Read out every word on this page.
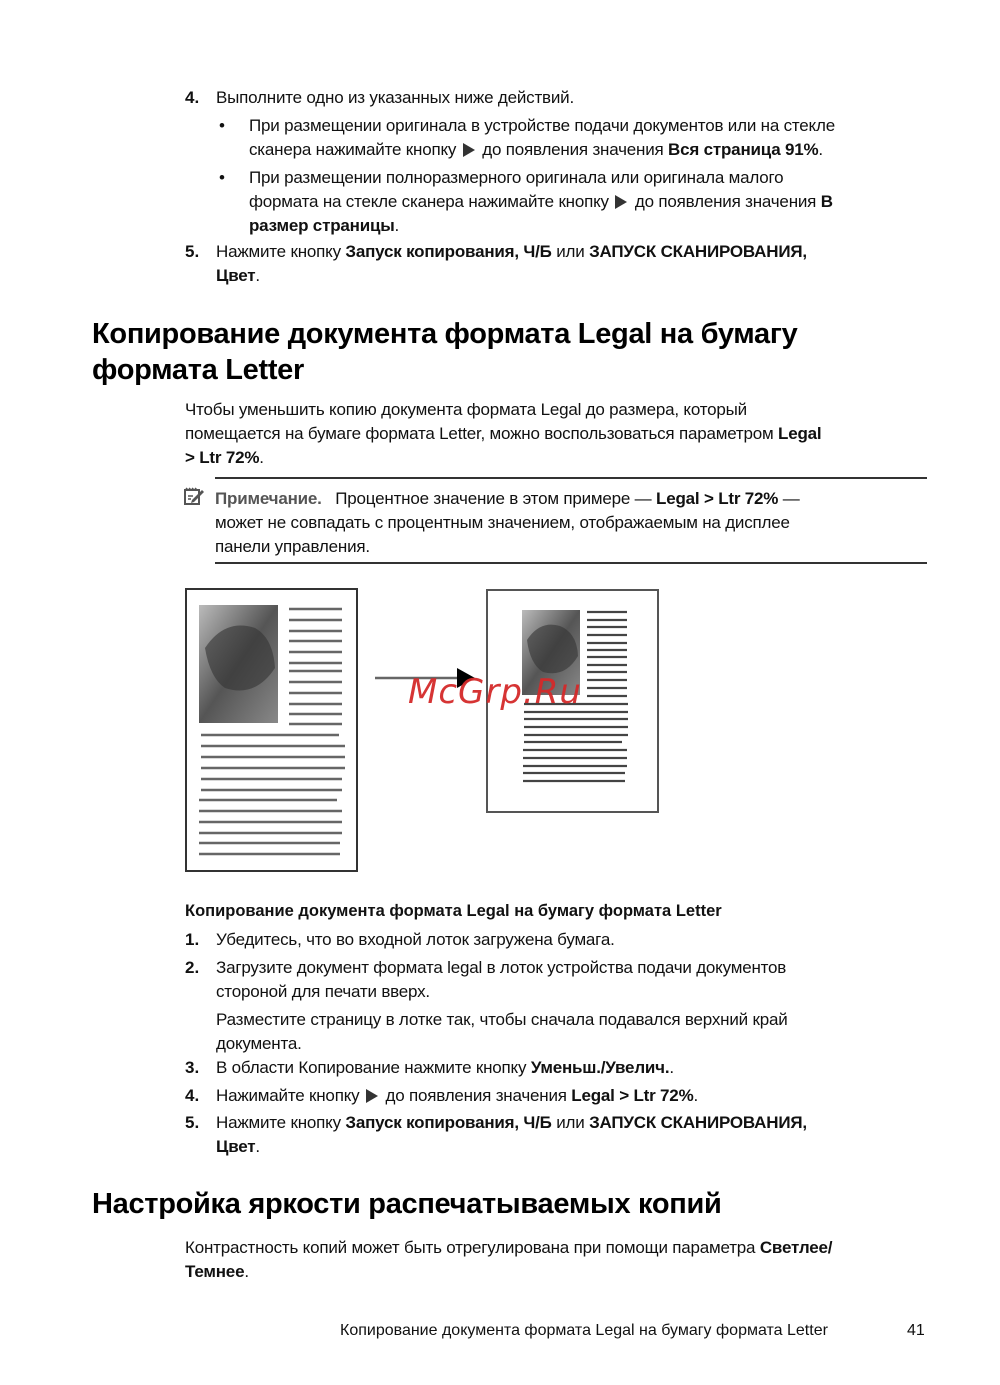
4. Выполните одно из указанных ниже действий.
• При размещении оригинала в устройстве подачи документов или на стекле
сканера нажимайте кнопку до появления значения Вся страница 91%.
• При размещении полноразмерного оригинала или оригинала малого
формата на стекле сканера нажимайте кнопку до появления значения В
размер страницы.
5. Нажмите кнопку Запуск копирования, Ч/Б или ЗАПУСК СКАНИРОВАНИЯ,
Цвет.
Копирование документа формата Legal на бумагу
формата Letter
Чтобы уменьшить копию документа формата Legal до размера, который
помещается на бумаге формата Letter, можно воспользоваться параметром Legal
> Ltr 72%.
Примечание. Процентное значение в этом примере — Legal > Ltr 72% —
может не совпадать с процентным значением, отображаемым на дисплее
панели управления.
McGrp.Ru
Копирование документа формата Legal на бумагу формата Letter
1. Убедитесь, что во входной лоток загружена бумага.
2. Загрузите документ формата legal в лоток устройства подачи документов
стороной для печати вверх.
Разместите страницу в лотке так, чтобы сначала подавался верхний край
документа.
3. В области Копирование нажмите кнопку Уменьш./Увелич..
4. Нажимайте кнопку до появления значения Legal > Ltr 72%.
5. Нажмите кнопку Запуск копирования, Ч/Б или ЗАПУСК СКАНИРОВАНИЯ,
Цвет.
Настройка яркости распечатываемых копий
Контрастность копий может быть отрегулирована при помощи параметра Светлее/
Темнее.
Копирование документа формата Legal на бумагу формата Letter	41
